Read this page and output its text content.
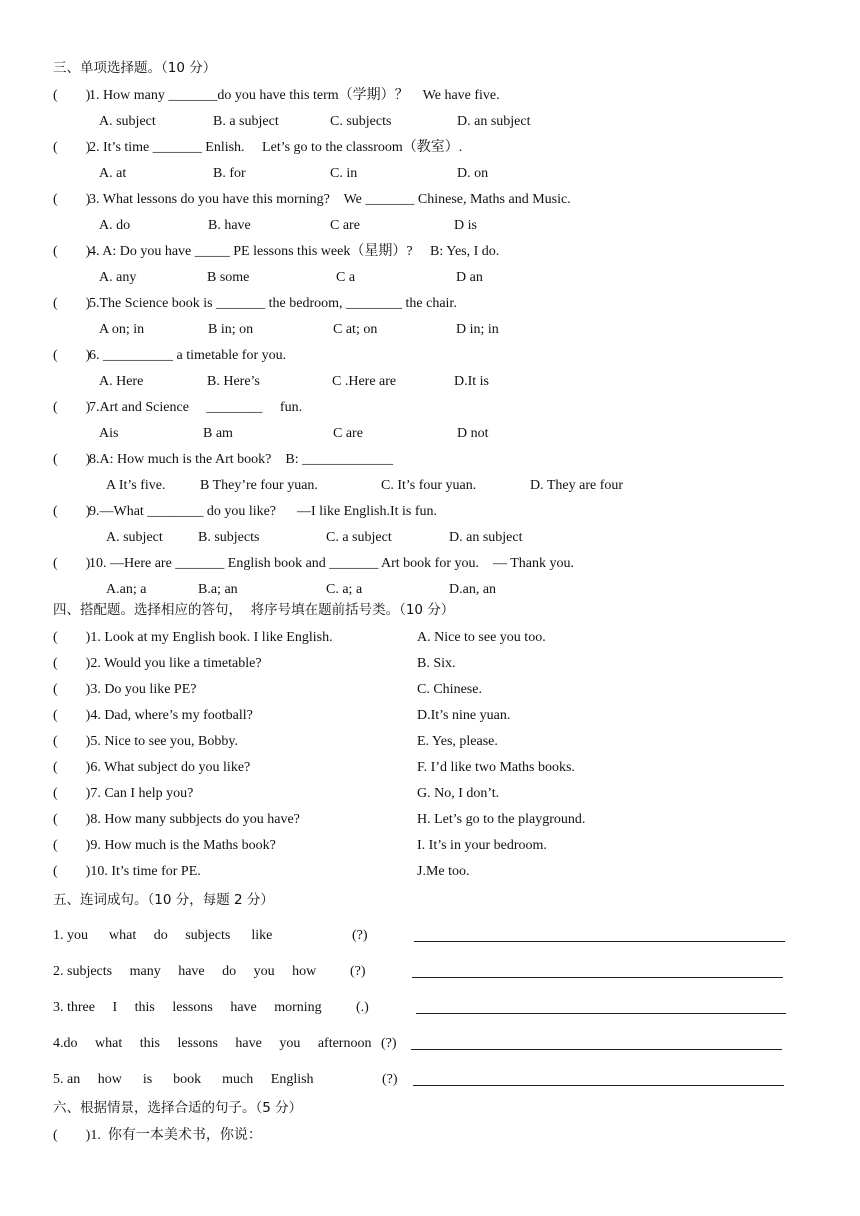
三、单项选择题。（10 分）
(        )
1. How many _______do you have this term（学期）？    We have five.
A. subject	B. a subject	C. subjects	D. an subject
(        )
2. It’s time _______ Enlish.     Let’s go to the classroom（教室）.
A. at	B. for	C. in	D. on
(        )
3. What lessons do you have this morning?    We _______ Chinese, Maths and Music.
A. do	B. have	C are	D is
(        )
4. A: Do you have _____ PE lessons this week（星期）?     B: Yes, I do.
A. any	B some	C a	D an
(        )
5.The Science book is _______ the bedroom, ________ the chair.
A on; in	B in; on	C at; on	D in; in
(        )
6. __________ a timetable for you.
A. Here	B. Here’s	C .Here are	D.It is
(        )
7.Art and Science     ________     fun.
Ais	B am	C are	D not
(        )
8.A: How much is the Art book?    B: _____________
A It’s five. B They’re four yuan.	C. It’s four yuan.	D. They are four
(        )
9.—What ________ do you like?      —I like English.It is fun.
A. subject	B. subjects	C. a subject	D. an subject
(        )
10. —Here are _______ English book and _______ Art book for you.    — Thank you.
A.an; a	B.a; an	C. a; a	D.an, an
四、搭配题。选择相应的答句，  将序号填在题前括号类。（10 分）
(        )1. Look at my English book. I like English.	A. Nice to see you too.
(        )2. Would you like a timetable?	B. Six.
(        )3. Do you like PE?	C. Chinese.
(        )4. Dad, where’s my football?	D.It’s nine yuan.
(        )5. Nice to see you, Bobby.	E. Yes, please.
(        )6. What subject do you like?	F. I’d like two Maths books.
(        )7. Can I help you?	G. No, I don’t.
(        )8. How many subbjects do you have?	H. Let’s go to the playground.
(        )9. How much is the Maths book?	I. It’s in your bedroom.
(        )10. It’s time for PE.	J.Me too.
五、连词成句。（10 分，每题 2 分）
1. you      what     do     subjects      like	(?)
2. subjects     many     have     do     you     how (?)
3. three     I     this     lessons     have     morning (.)
4.do     what     this     lessons     have     you     afternoon (?)
5. an     how      is      book      much     English	(?)
六、根据情景，选择合适的句子。（5 分）
(        )1.  你有一本美术书，你说：
